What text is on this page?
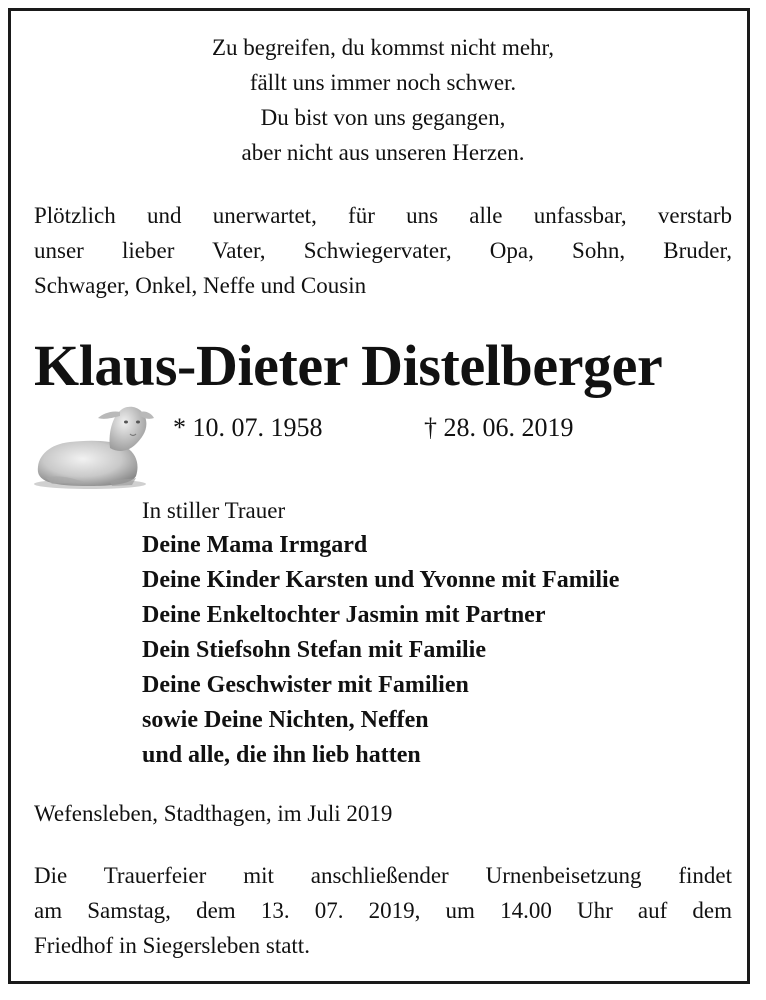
Zu begreifen, du kommst nicht mehr,
fällt uns immer noch schwer.
Du bist von uns gegangen,
aber nicht aus unseren Herzen.
Plötzlich und unerwartet, für uns alle unfassbar, verstarb
unser lieber Vater, Schwiegervater, Opa, Sohn, Bruder,
Schwager, Onkel, Neffe und Cousin
Klaus-Dieter Distelberger
* 10. 07. 1958	† 28. 06. 2019
In stiller Trauer
Deine Mama Irmgard
Deine Kinder Karsten und Yvonne mit Familie
Deine Enkeltochter Jasmin mit Partner
Dein Stiefsohn Stefan mit Familie
Deine Geschwister mit Familien
sowie Deine Nichten, Neffen
und alle, die ihn lieb hatten
Wefensleben, Stadthagen, im Juli 2019
Die Trauerfeier mit anschließender Urnenbeisetzung findet
am Samstag, dem 13. 07. 2019, um 14.00 Uhr auf dem
Friedhof in Siegersleben statt.
